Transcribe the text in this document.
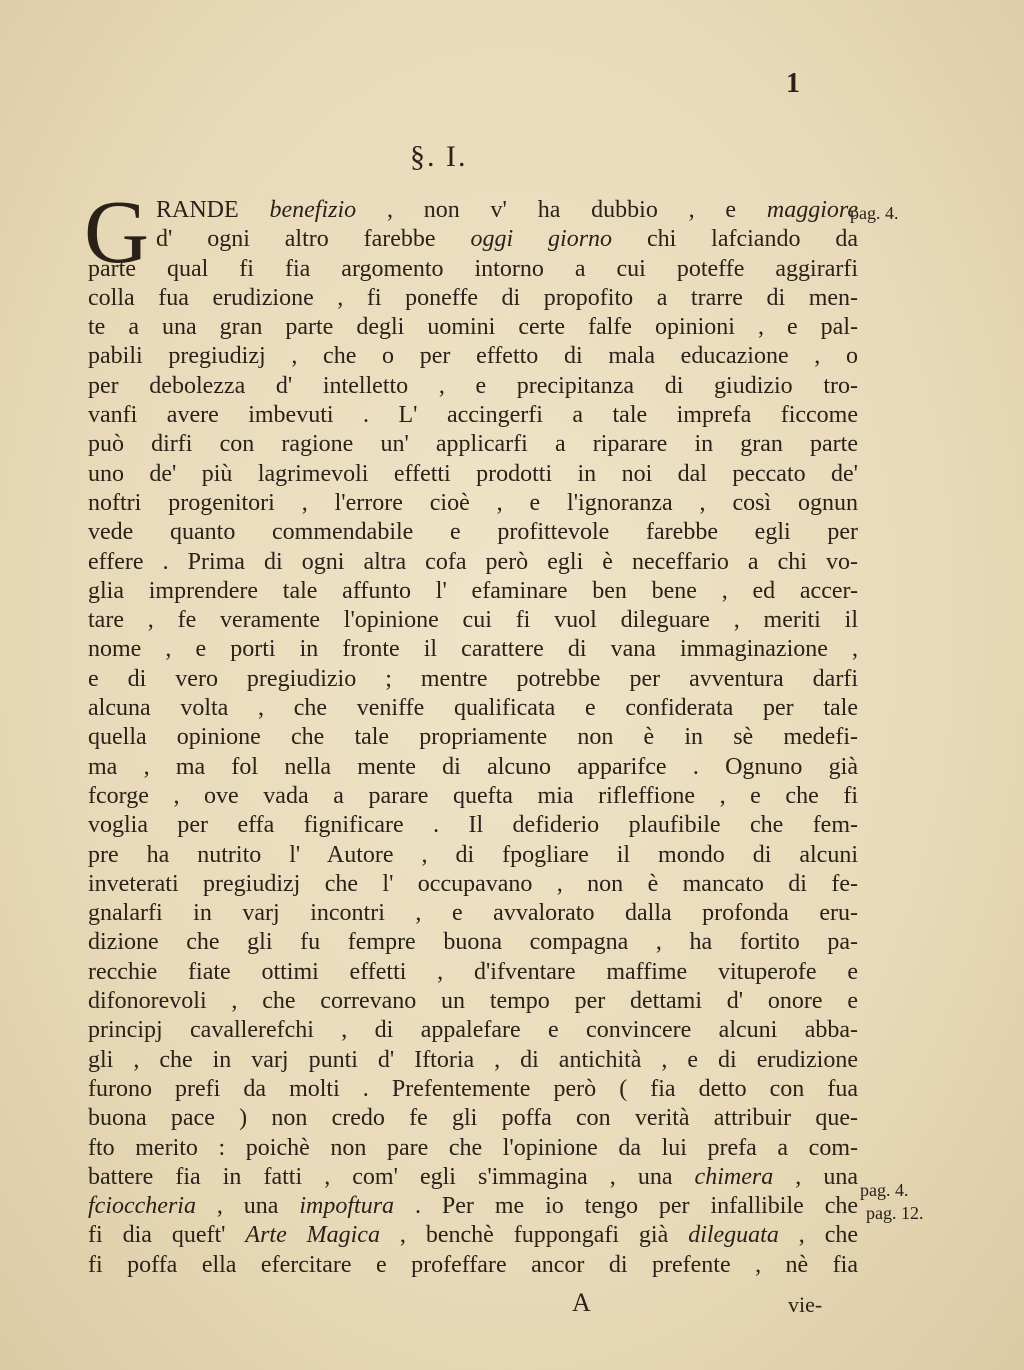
1
§. I.
G RANDE benefizio , non v' ha dubbio , e maggiore
d' ogni altro farebbe oggi giorno chi lafciando da
parte qual fi fia argomento intorno a cui poteffe aggirarfi
colla fua erudizione , fi poneffe di propofito a trarre di men-
te a una gran parte degli uomini certe falfe opinioni , e pal-
pabili pregiudizj , che o per effetto di mala educazione , o
per debolezza d' intelletto , e precipitanza di giudizio tro-
vanfi avere imbevuti . L' accingerfi a tale imprefa ficcome
può dirfi con ragione un' applicarfi a riparare in gran parte
uno de' più lagrimevoli effetti prodotti in noi dal peccato de'
noftri progenitori , l'errore cioè , e l'ignoranza , così ognun
vede quanto commendabile e profittevole farebbe egli per
effere . Prima di ogni altra cofa però egli è neceffario a chi vo-
glia imprendere tale affunto l' efaminare ben bene , ed accer-
tare , fe veramente l'opinione cui fi vuol dileguare , meriti il
nome , e porti in fronte il carattere di vana immaginazione ,
e di vero pregiudizio ; mentre potrebbe per avventura darfi
alcuna volta , che veniffe qualificata e confiderata per tale
quella opinione che tale propriamente non è in sè medefi-
ma , ma fol nella mente di alcuno apparifce . Ognuno già
fcorge , ove vada a parare quefta mia rifleffione , e che fi
voglia per effa fignificare . Il defiderio plaufibile che fem-
pre ha nutrito l' Autore , di fpogliare il mondo di alcuni
inveterati pregiudizj che l' occupavano , non è mancato di fe-
gnalarfi in varj incontri , e avvalorato dalla profonda eru-
dizione che gli fu fempre buona compagna , ha fortito pa-
recchie fiate ottimi effetti , d'ifventare maffime vituperofe e
difonorevoli , che correvano un tempo per dettami d' onore e
principj cavallerefchi , di appalefare e convincere alcuni abba-
gli , che in varj punti d' Iftoria , di antichità , e di erudizione
furono prefi da molti . Prefentemente però ( fia detto con fua
buona pace ) non credo fe gli poffa con verità attribuir que-
fto merito : poichè non pare che l'opinione da lui prefa a com-
battere fia in fatti , com' egli s'immagina , una chimera , una
fcioccheria , una impoftura . Per me io tengo per infallibile che
fi dia queft' Arte Magica , benchè fuppongafi già dileguata , che
fi poffa ella efercitare e profeffare ancor di prefente , nè fia
pag. 4.
pag. 4.
pag. 12.
A	vie-
